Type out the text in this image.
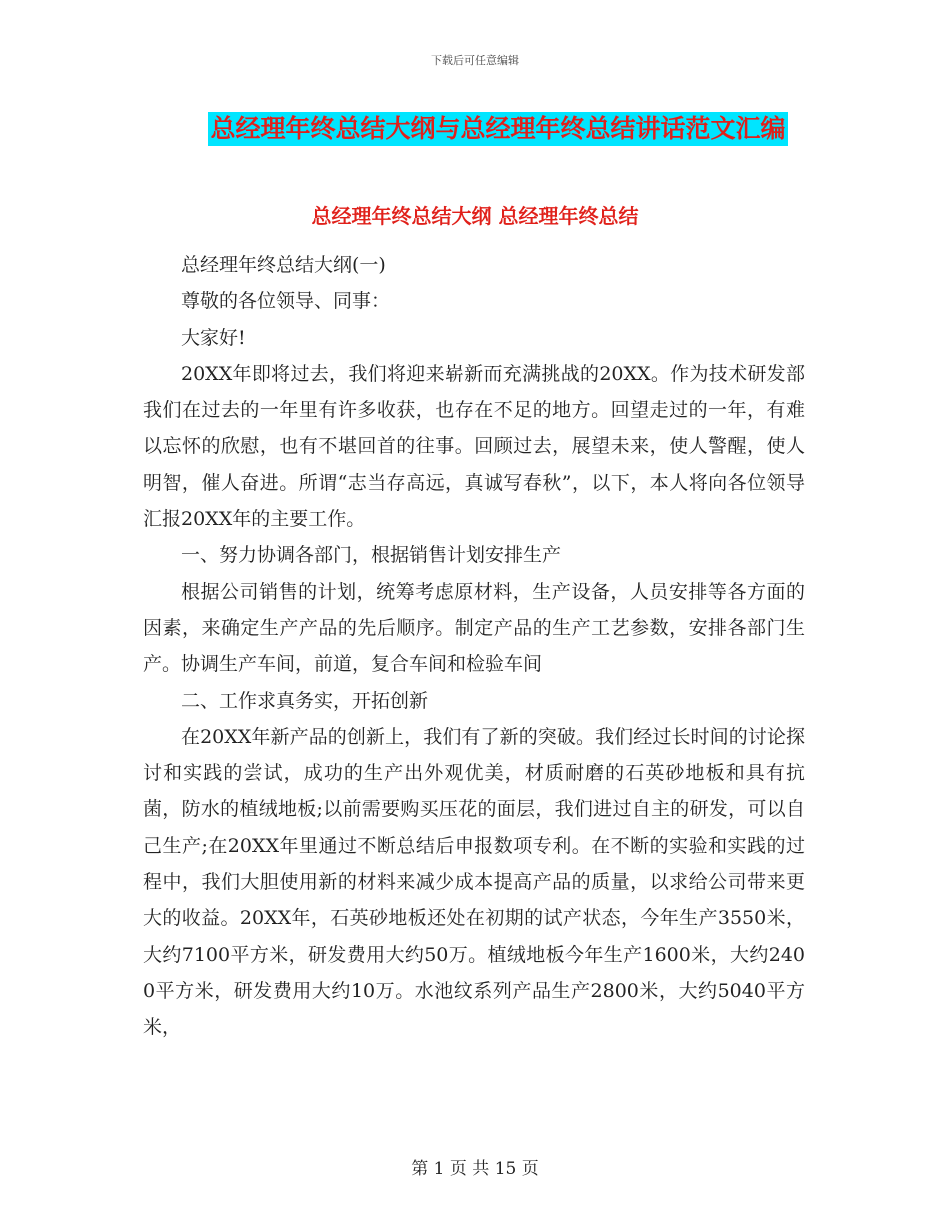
下载后可任意编辑
总经理年终总结大纲与总经理年终总结讲话范文汇编
总经理年终总结大纲 总经理年终总结

总经理年终总结大纲(一)

尊敬的各位领导、同事：

大家好!

20XX年即将过去，我们将迎来崭新而充满挑战的20XX。作为技术研发部我们在过去的一年里有许多收获，也存在不足的地方。回望走过的一年，有难以忘怀的欣慰，也有不堪回首的往事。回顾过去，展望未来，使人警醒，使人明智，催人奋进。所谓“志当存高远，真诚写春秋”，以下，本人将向各位领导汇报20XX年的主要工作。

一、努力协调各部门，根据销售计划安排生产

根据公司销售的计划，统筹考虑原材料，生产设备，人员安排等各方面的因素，来确定生产产品的先后顺序。制定产品的生产工艺参数，安排各部门生产。协调生产车间，前道，复合车间和检验车间

二、工作求真务实，开拓创新

在20XX年新产品的创新上，我们有了新的突破。我们经过长时间的讨论探讨和实践的尝试，成功的生产出外观优美，材质耐磨的石英砂地板和具有抗菌，防水的植绒地板;以前需要购买压花的面层，我们进过自主的研发，可以自己生产;在20XX年里通过不断总结后申报数项专利。在不断的实验和实践的过程中，我们大胆使用新的材料来减少成本提高产品的质量，以求给公司带来更大的收益。20XX年，石英砂地板还处在初期的试产状态，今年生产3550米，大约7100平方米，研发费用大约50万。植绒地板今年生产1600米，大约2400平方米，研发费用大约10万。水池纹系列产品生产2800米，大约5040平方米，

第 1 页 共 15 页
